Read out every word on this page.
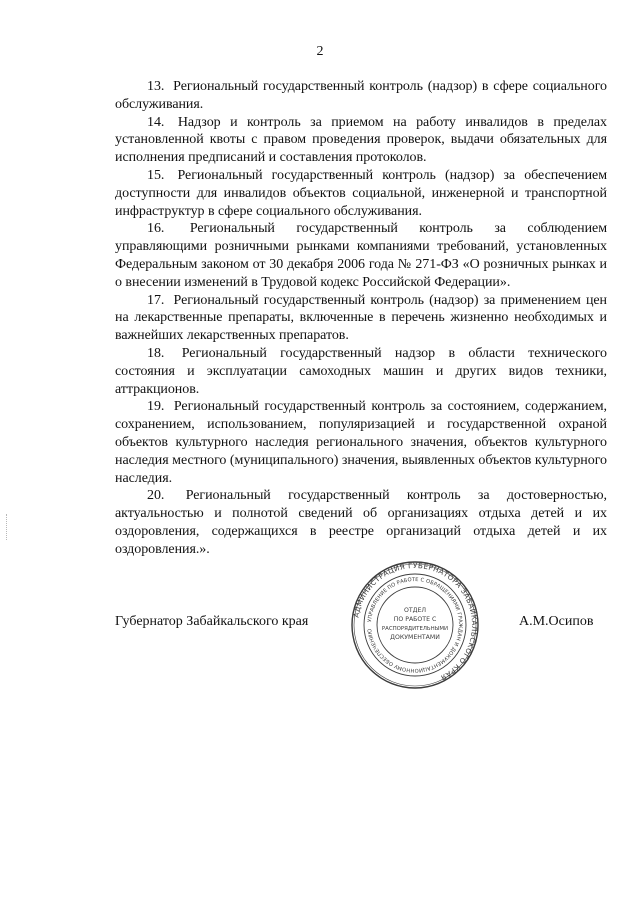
2

13. Региональный государственный контроль (надзор) в сфере социального обслуживания.

14. Надзор и контроль за приемом на работу инвалидов в пределах установленной квоты с правом проведения проверок, выдачи обязательных для исполнения предписаний и составления протоколов.

15. Региональный государственный контроль (надзор) за обеспечением доступности для инвалидов объектов социальной, инженерной и транспортной инфраструктур в сфере социального обслуживания.

16. Региональный государственный контроль за соблюдением управляющими розничными рынками компаниями требований, установленных Федеральным законом от 30 декабря 2006 года № 271-ФЗ «О розничных рынках и о внесении изменений в Трудовой кодекс Российской Федерации».

17. Региональный государственный контроль (надзор) за применением цен на лекарственные препараты, включенные в перечень жизненно необходимых и важнейших лекарственных препаратов.

18. Региональный государственный надзор в области технического состояния и эксплуатации самоходных машин и других видов техники, аттракционов.

19. Региональный государственный контроль за состоянием, содержанием, сохранением, использованием, популяризацией и государственной охраной объектов культурного наследия регионального значения, объектов культурного наследия местного (муниципального) значения, выявленных объектов культурного наследия.

20. Региональный государственный контроль за достоверностью, актуальностью и полнотой сведений об организациях отдыха детей и их оздоровления, содержащихся в реестре организаций отдыха детей и их оздоровления.».

АДМИНИСТРАЦИЯ ГУБЕРНАТОРА ЗАБАЙКАЛЬСКОГО КРАЯ
УПРАВЛЕНИЕ ПО РАБОТЕ С ОБРАЩЕНИЯМИ ГРАЖДАН И ДОКУМЕНТАЦИОННОМУ ОБЕСПЕЧЕНИЮ
ОТДЕЛ
ПО РАБОТЕ С
РАСПОРЯДИТЕЛЬНЫМИ
ДОКУМЕНТАМИ
Губернатор Забайкальского края	А.М.Осипов
